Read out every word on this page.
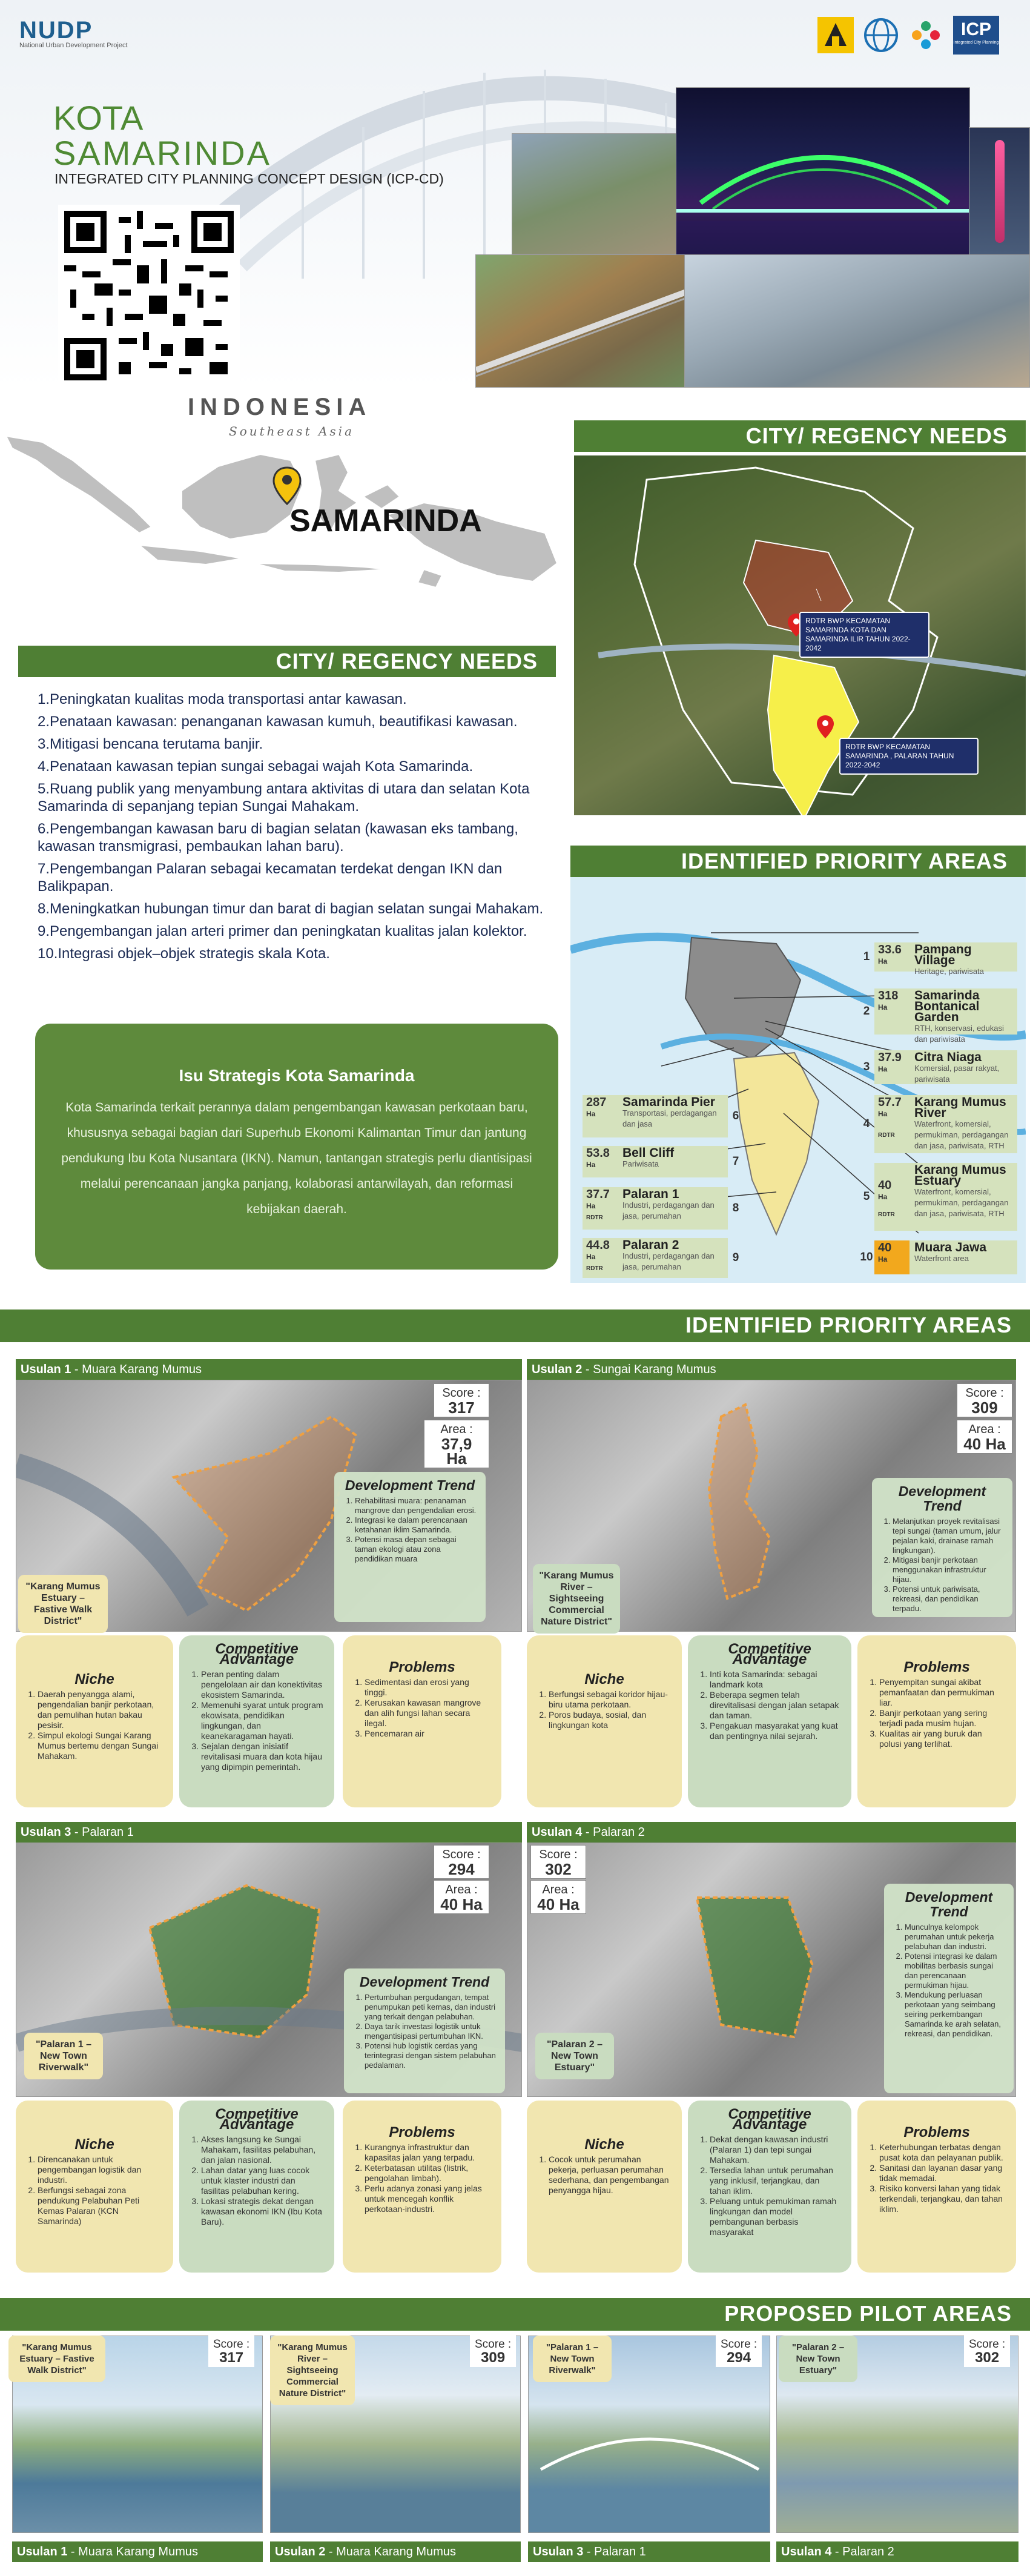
NUDP
National Urban Development Project
ICP
Integrated City Planning
KOTA
SAMARINDA
INTEGRATED CITY PLANNING CONCEPT DESIGN (ICP-CD)
INDONESIA
Southeast Asia
SAMARINDA
CITY/ REGENCY NEEDS
1.Peningkatan kualitas moda transportasi antar kawasan.
2.Penataan kawasan: penanganan kawasan kumuh, beautifikasi kawasan.
3.Mitigasi bencana terutama banjir.
4.Penataan kawasan tepian sungai sebagai wajah Kota Samarinda.
5.Ruang publik yang menyambung antara aktivitas di utara dan selatan Kota Samarinda di sepanjang tepian Sungai Mahakam.
6.Pengembangan kawasan baru di bagian selatan (kawasan eks tambang, kawasan transmigrasi, pembaukan lahan baru).
7.Pengembangan Palaran sebagai kecamatan terdekat dengan IKN dan Balikpapan.
8.Meningkatkan hubungan timur dan barat di bagian selatan sungai Mahakam.
9.Pengembangan jalan arteri primer dan peningkatan kualitas jalan kolektor.
10.Integrasi objek–objek strategis skala Kota.
Isu Strategis Kota Samarinda
Kota Samarinda terkait perannya dalam pengembangan kawasan perkotaan baru, khususnya sebagai bagian dari Superhub Ekonomi Kalimantan Timur dan jantung pendukung Ibu Kota Nusantara (IKN). Namun, tantangan strategis perlu diantisipasi melalui perencanaan jangka panjang, kolaborasi antarwilayah, dan reformasi kebijakan daerah.
CITY/ REGENCY NEEDS
RDTR BWP KECAMATAN SAMARINDA KOTA DAN SAMARINDA ILIR TAHUN 2022-2042
RDTR BWP KECAMATAN SAMARINDA , PALARAN TAHUN 2022-2042
IDENTIFIED PRIORITY AREAS
1
33.6
Ha
Pampang Village
Heritage, pariwisata
2
318
Ha
Samarinda Bontanical Garden
RTH, konservasi, edukasi dan pariwisata
3
37.9
Ha
Citra Niaga
Komersial, pasar rakyat, pariwisata
4
57.7
Ha
RDTR
Karang Mumus River
Waterfront, komersial, permukiman, perdagangan dan jasa, pariwisata, RTH
5
40
Ha
RDTR
Karang Mumus Estuary
Waterfront, komersial, permukiman, perdagangan dan jasa, pariwisata, RTH
10
40
Ha
Muara Jawa
Waterfront area
6
Samarinda Pier
Transportasi, perdagangan dan jasa
287
Ha
7
Bell Cliff
Pariwisata
53.8
Ha
8
Palaran 1
Industri, perdagangan dan jasa, perumahan
37.7
Ha
RDTR
9
Palaran 2
Industri, perdagangan dan jasa, perumahan
44.8
Ha
RDTR
IDENTIFIED PRIORITY AREAS
Usulan 1 - Muara Karang Mumus
Score :
317
Area :
37,9 Ha
Development Trend
1. Rehabilitasi muara: penanaman mangrove dan pengendalian erosi.
2. Integrasi ke dalam perencanaan ketahanan iklim Samarinda.
3. Potensi masa depan sebagai taman ekologi atau zona pendidikan muara
"Karang Mumus Estuary – Fastive Walk District"
Niche
1. Daerah penyangga alami, pengendalian banjir perkotaan, dan pemulihan hutan bakau pesisir.
2. Simpul ekologi Sungai Karang Mumus bertemu dengan Sungai Mahakam.
Competitive Advantage
1. Peran penting dalam pengelolaan air dan konektivitas ekosistem Samarinda.
2. Memenuhi syarat untuk program ekowisata, pendidikan lingkungan, dan keanekaragaman hayati.
3. Sejalan dengan inisiatif revitalisasi muara dan kota hijau yang dipimpin pemerintah.
Problems
1. Sedimentasi dan erosi yang tinggi.
2. Kerusakan kawasan mangrove dan alih fungsi lahan secara ilegal.
3. Pencemaran air
Usulan 2 - Sungai Karang Mumus
Score :
309
Area :
40 Ha
Development Trend
1. Melanjutkan proyek revitalisasi tepi sungai (taman umum, jalur pejalan kaki, drainase ramah lingkungan).
2. Mitigasi banjir perkotaan menggunakan infrastruktur hijau.
3. Potensi untuk pariwisata, rekreasi, dan pendidikan terpadu.
"Karang Mumus River – Sightseeing Commercial Nature District"
Niche
1. Berfungsi sebagai koridor hijau-biru utama perkotaan.
2. Poros budaya, sosial, dan lingkungan kota
Competitive Advantage
1. Inti kota Samarinda: sebagai landmark kota
2. Beberapa segmen telah direvitalisasi dengan jalan setapak dan taman.
3. Pengakuan masyarakat yang kuat dan pentingnya nilai sejarah.
Problems
1. Penyempitan sungai akibat pemanfaatan dan permukiman liar.
2. Banjir perkotaan yang sering terjadi pada musim hujan.
3. Kualitas air yang buruk dan polusi yang terlihat.
Usulan 3 - Palaran 1
Score :
294
Area :
40 Ha
Development Trend
1. Pertumbuhan pergudangan, tempat penumpukan peti kemas, dan industri yang terkait dengan pelabuhan.
2. Daya tarik investasi logistik untuk mengantisipasi pertumbuhan IKN.
3. Potensi hub logistik cerdas yang terintegrasi dengan sistem pelabuhan pedalaman.
"Palaran 1 – New Town Riverwalk"
Niche
1. Direncanakan untuk pengembangan logistik dan industri.
2. Berfungsi sebagai zona pendukung Pelabuhan Peti Kemas Palaran (KCN Samarinda)
Competitive Advantage
1. Akses langsung ke Sungai Mahakam, fasilitas pelabuhan, dan jalan nasional.
2. Lahan datar yang luas cocok untuk klaster industri dan fasilitas pelabuhan kering.
3. Lokasi strategis dekat dengan kawasan ekonomi IKN (Ibu Kota Baru).
Problems
1. Kurangnya infrastruktur dan kapasitas jalan yang terpadu.
2. Keterbatasan utilitas (listrik, pengolahan limbah).
3. Perlu adanya zonasi yang jelas untuk mencegah konflik perkotaan-industri.
Usulan 4 - Palaran 2
Score :
302
Area :
40 Ha	Development Trend
1. Munculnya kelompok perumahan untuk pekerja pelabuhan dan industri.
2. Potensi integrasi ke dalam mobilitas berbasis sungai dan perencanaan permukiman hijau.
3. Mendukung perluasan perkotaan yang seimbang seiring perkembangan Samarinda ke arah selatan, rekreasi, dan pendidikan.
"Palaran 2 – New Town Estuary"
Niche
1. Cocok untuk perumahan pekerja, perluasan perumahan sederhana, dan pengembangan penyangga hijau.
Competitive Advantage
1. Dekat dengan kawasan industri (Palaran 1) dan tepi sungai Mahakam.
2. Tersedia lahan untuk perumahan yang inklusif, terjangkau, dan tahan iklim.
3. Peluang untuk pemukiman ramah lingkungan dan model pembangunan berbasis masyarakat
Problems
1. Keterhubungan terbatas dengan pusat kota dan pelayanan publik.
2. Sanitasi dan layanan dasar yang tidak memadai.
3. Risiko konversi lahan yang tidak terkendali, terjangkau, dan tahan iklim.
PROPOSED PILOT AREAS
"Karang Mumus Estuary – Fastive Walk District"
Score :
317
Usulan 1 - Muara Karang Mumus
"Karang Mumus River – Sightseeing Commercial Nature District"
Score :
309
Usulan 2 - Muara Karang Mumus
"Palaran 1 – New Town Riverwalk"
Score :
294
Usulan 3 - Palaran 1
"Palaran 2 – New Town Estuary"
Score :
302
Usulan 4 - Palaran 2
